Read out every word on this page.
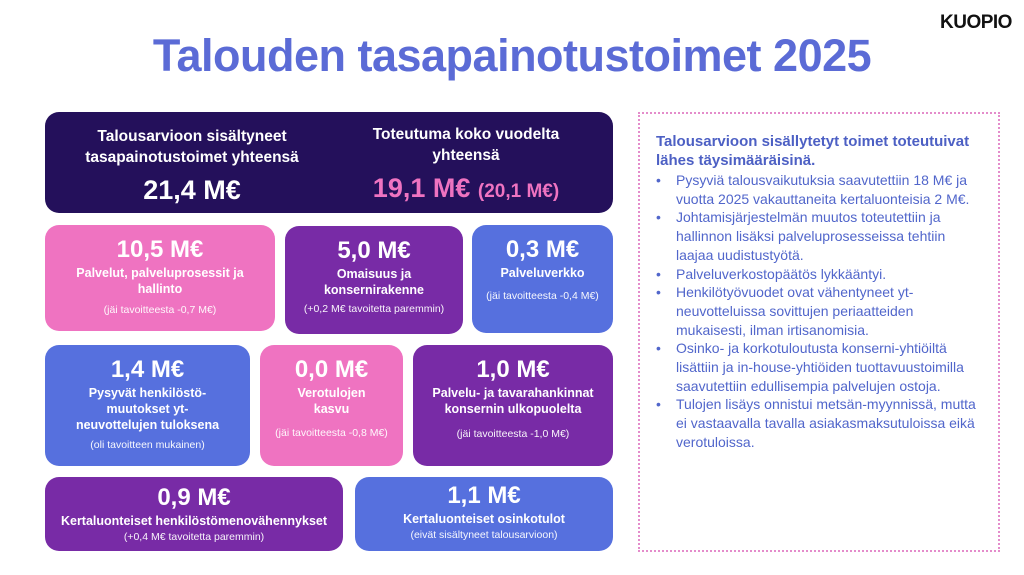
KUOPIO
Talouden tasapainotustoimet 2025
Talousarvioon sisältyneet tasapainotustoimet yhteensä
21,4 M€
Toteutuma koko vuodelta yhteensä
19,1 M€ (20,1 M€)
10,5 M€
Palvelut, palveluprosessit ja hallinto
(jäi tavoitteesta -0,7 M€)
5,0 M€
Omaisuus ja konsernirakenne
(+0,2 M€ tavoitetta paremmin)
0,3 M€
Palveluverkko
(jäi tavoitteesta -0,4 M€)
1,4 M€
Pysyvät henkilöstö-muutokset yt- neuvottelujen tuloksena
(oli tavoitteen mukainen)
0,0 M€
Verotulojen kasvu
(jäi tavoitteesta -0,8 M€)
1,0 M€
Palvelu- ja tavarahankinnat konsernin ulkopuolelta
(jäi tavoitteesta -1,0 M€)
0,9 M€
Kertaluonteiset henkilöstömenovähennykset
(+0,4 M€ tavoitetta paremmin)
1,1 M€
Kertaluonteiset osinkotulot
(eivät sisältyneet talousarvioon)
Talousarvioon sisällytetyt toimet toteutuivat lähes täysimääräisinä.
• Pysyviä talousvaikutuksia saavutettiin 18 M€ ja vuotta 2025 vakauttaneita kertaluonteisia 2 M€.
• Johtamisjärjestelmän muutos toteutettiin ja hallinnon lisäksi palveluprosesseissa tehtiin laajaa uudistustyötä.
• Palveluverkostopäätös lykkääntyi.
• Henkilötyövuodet ovat vähentyneet yt-neuvotteluissa sovittujen periaatteiden mukaisesti, ilman irtisanomisia.
• Osinko- ja korkotuloutusta konserni-yhtiöiltä lisättiin ja in-house-yhtiöiden tuottavuustoimilla saavutettiin edullisempia palvelujen ostoja.
• Tulojen lisäys onnistui metsän-myynnissä, mutta ei vastaavalla tavalla asiakasmaksutuloissa eikä verotuloissa.
